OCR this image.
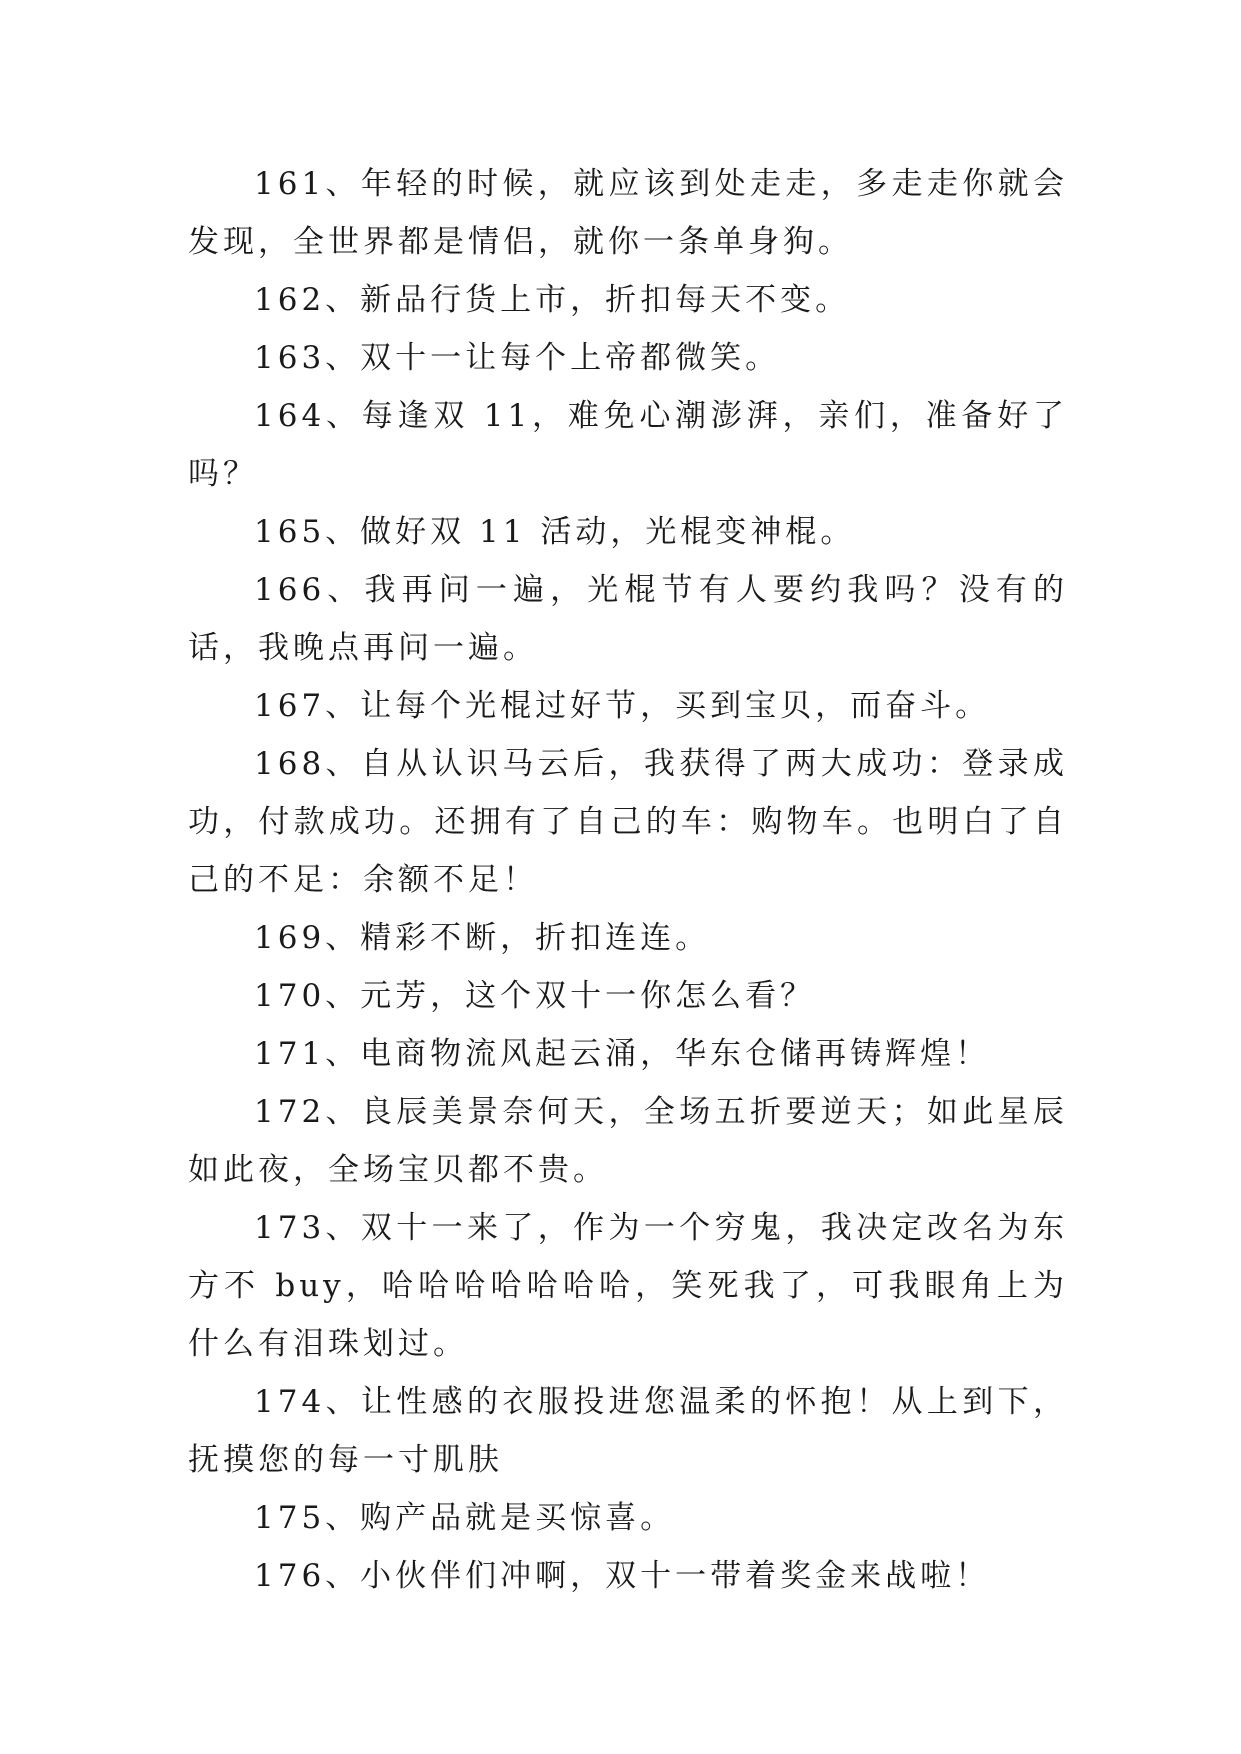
161、年轻的时候，就应该到处走走，多走走你就会发现，全世界都是情侣，就你一条单身狗。

162、新品行货上市，折扣每天不变。

163、双十一让每个上帝都微笑。

164、每逢双 11，难免心潮澎湃，亲们，准备好了吗？

165、做好双 11 活动，光棍变神棍。

166、我再问一遍，光棍节有人要约我吗？没有的话，我晚点再问一遍。

167、让每个光棍过好节，买到宝贝，而奋斗。

168、自从认识马云后，我获得了两大成功：登录成功，付款成功。还拥有了自己的车：购物车。也明白了自己的不足：余额不足！

169、精彩不断，折扣连连。

170、元芳，这个双十一你怎么看？

171、电商物流风起云涌，华东仓储再铸辉煌！

172、良辰美景奈何天，全场五折要逆天；如此星辰如此夜，全场宝贝都不贵。

173、双十一来了，作为一个穷鬼，我决定改名为东方不 buy，哈哈哈哈哈哈哈，笑死我了，可我眼角上为什么有泪珠划过。

174、让性感的衣服投进您温柔的怀抱！从上到下，抚摸您的每一寸肌肤

175、购产品就是买惊喜。

176、小伙伴们冲啊，双十一带着奖金来战啦！
